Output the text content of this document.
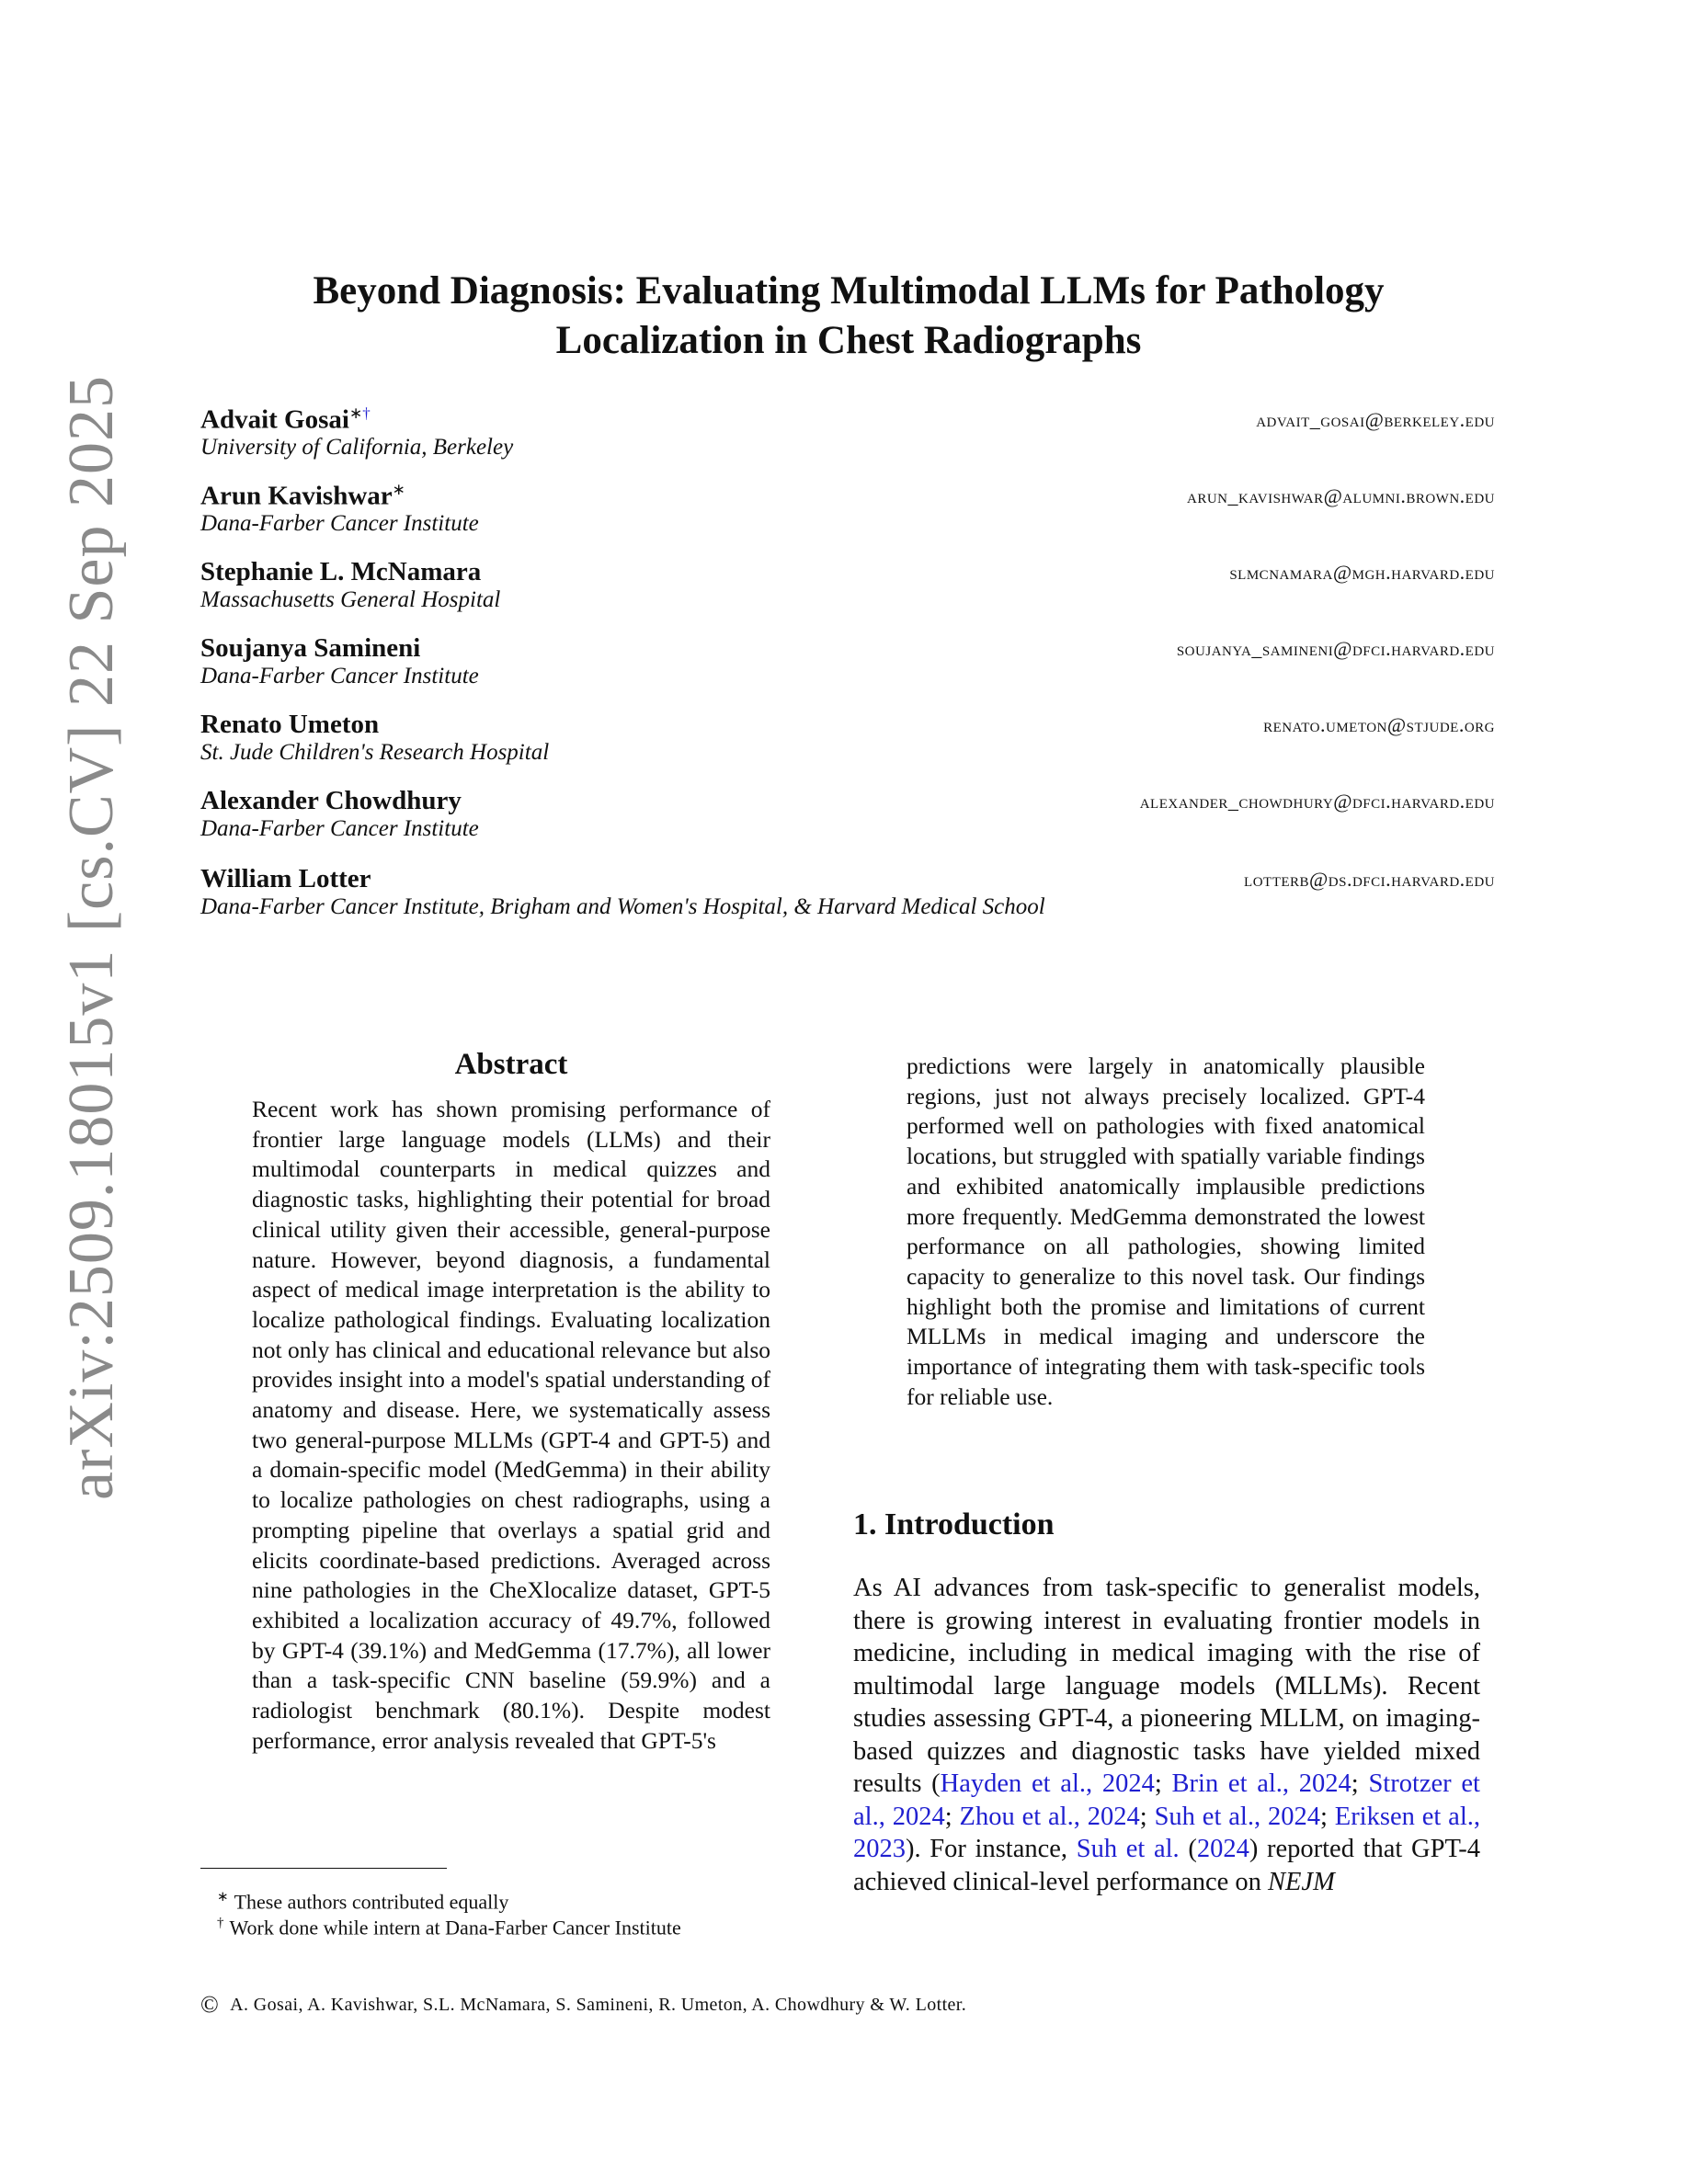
arXiv:2509.18015v1 [cs.CV] 22 Sep 2025
Beyond Diagnosis: Evaluating Multimodal LLMs for Pathology
Localization in Chest Radiographs
Advait Gosai∗†	advait_gosai@berkeley.edu
University of California, Berkeley
Arun Kavishwar∗	arun_kavishwar@alumni.brown.edu
Dana-Farber Cancer Institute
Stephanie L. McNamara	slmcnamara@mgh.harvard.edu
Massachusetts General Hospital
Soujanya Samineni	soujanya_samineni@dfci.harvard.edu
Dana-Farber Cancer Institute
Renato Umeton	renato.umeton@stjude.org
St. Jude Children's Research Hospital
Alexander Chowdhury	alexander_chowdhury@dfci.harvard.edu
Dana-Farber Cancer Institute
William Lotter	lotterb@ds.dfci.harvard.edu
Dana-Farber Cancer Institute, Brigham and Women's Hospital, & Harvard Medical School
Abstract
Recent work has shown promising performance of frontier large language models (LLMs) and their multimodal counterparts in medical quizzes and diagnostic tasks, highlighting their potential for broad clinical utility given their accessible, general-purpose nature. However, beyond diagnosis, a fundamental aspect of medical image interpretation is the ability to localize pathological findings. Evaluating localization not only has clinical and educational relevance but also provides insight into a model's spatial understanding of anatomy and disease. Here, we systematically assess two general-purpose MLLMs (GPT-4 and GPT-5) and a domain-specific model (MedGemma) in their ability to localize pathologies on chest radiographs, using a prompting pipeline that overlays a spatial grid and elicits coordinate-based predictions. Averaged across nine pathologies in the CheXlocalize dataset, GPT-5 exhibited a localization accuracy of 49.7%, followed by GPT-4 (39.1%) and MedGemma (17.7%), all lower than a task-specific CNN baseline (59.9%) and a radiologist benchmark (80.1%). Despite modest performance, error analysis revealed that GPT-5's
predictions were largely in anatomically plausible regions, just not always precisely localized. GPT-4 performed well on pathologies with fixed anatomical locations, but struggled with spatially variable findings and exhibited anatomically implausible predictions more frequently. MedGemma demonstrated the lowest performance on all pathologies, showing limited capacity to generalize to this novel task. Our findings highlight both the promise and limitations of current MLLMs in medical imaging and underscore the importance of integrating them with task-specific tools for reliable use.
1. Introduction
As AI advances from task-specific to generalist models, there is growing interest in evaluating frontier models in medicine, including in medical imaging with the rise of multimodal large language models (MLLMs). Recent studies assessing GPT-4, a pioneering MLLM, on imaging-based quizzes and diagnostic tasks have yielded mixed results (Hayden et al., 2024; Brin et al., 2024; Strotzer et al., 2024; Zhou et al., 2024; Suh et al., 2024; Eriksen et al., 2023). For instance, Suh et al. (2024) reported that GPT-4 achieved clinical-level performance on NEJM
∗ These authors contributed equally
† Work done while intern at Dana-Farber Cancer Institute
© A. Gosai, A. Kavishwar, S.L. McNamara, S. Samineni, R. Umeton, A. Chowdhury & W. Lotter.
